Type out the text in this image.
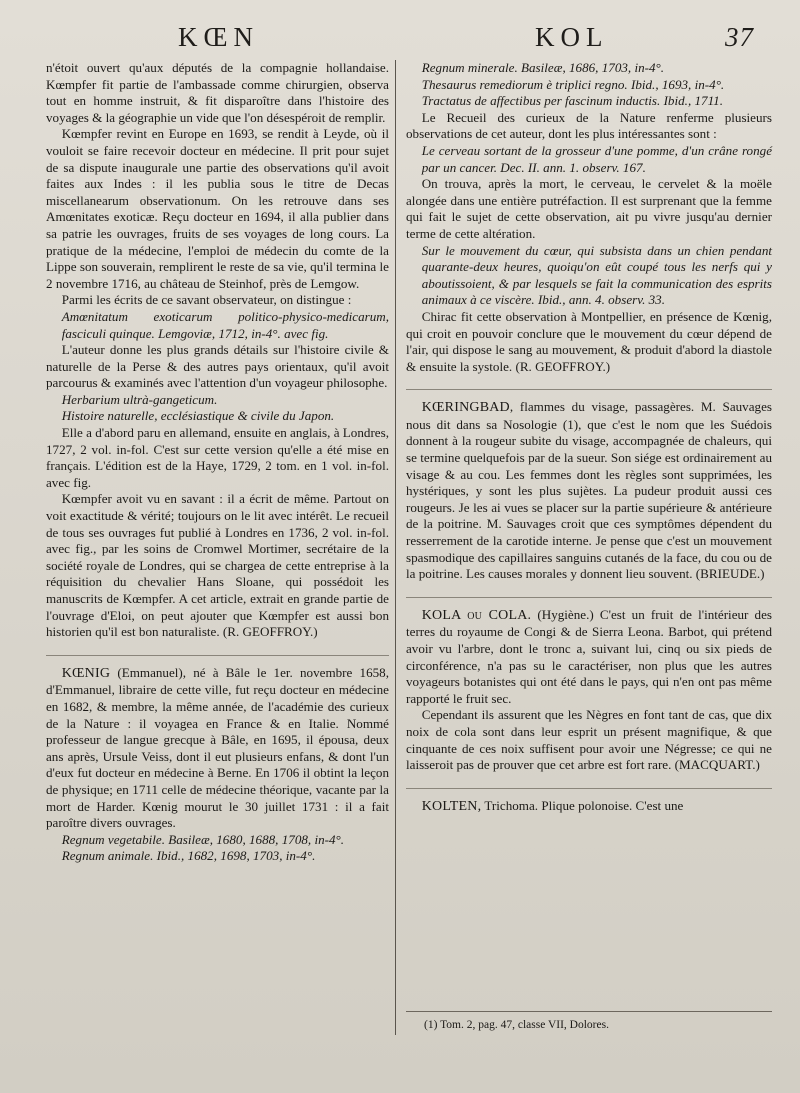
KŒN	KOL	37

n'étoit ouvert qu'aux députés de la compagnie hollandaise. Kœmpfer fit partie de l'ambassade comme chirurgien, observa tout en homme instruit, & fit disparoître dans l'histoire des voyages & la géographie un vide que l'on désespéroit de remplir.

Kœmpfer revint en Europe en 1693, se rendit à Leyde, où il vouloit se faire recevoir docteur en médecine. Il prit pour sujet de sa dispute inaugurale une partie des observations qu'il avoit faites aux Indes : il les publia sous le titre de Decas miscellanearum observationum. On les retrouve dans ses Amœnitates exoticæ. Reçu docteur en 1694, il alla publier dans sa patrie les ouvrages, fruits de ses voyages de long cours. La pratique de la médecine, l'emploi de médecin du comte de la Lippe son souverain, remplirent le reste de sa vie, qu'il termina le 2 novembre 1716, au château de Steinhof, près de Lemgow.

Parmi les écrits de ce savant observateur, on distingue :

Amœnitatum exoticarum politico-physico-medicarum, fasciculi quinque. Lemgoviæ, 1712, in-4°. avec fig.

L'auteur donne les plus grands détails sur l'histoire civile & naturelle de la Perse & des autres pays orientaux, qu'il avoit parcourus & examinés avec l'attention d'un voyageur philosophe.

Herbarium ultrà-gangeticum.

Histoire naturelle, ecclésiastique & civile du Japon.

Elle a d'abord paru en allemand, ensuite en anglais, à Londres, 1727, 2 vol. in-fol. C'est sur cette version qu'elle a été mise en français. L'édition est de la Haye, 1729, 2 tom. en 1 vol. in-fol. avec fig.

Kœmpfer avoit vu en savant : il a écrit de même. Partout on voit exactitude & vérité; toujours on le lit avec intérêt. Le recueil de tous ses ouvrages fut publié à Londres en 1736, 2 vol. in-fol. avec fig., par les soins de Cromwel Mortimer, secrétaire de la société royale de Londres, qui se chargea de cette entreprise à la réquisition du chevalier Hans Sloane, qui possédoit les manuscrits de Kœmpfer. A cet article, extrait en grande partie de l'ouvrage d'Eloi, on peut ajouter que Kœmpfer est aussi bon historien qu'il est bon naturaliste. (R. GEOFFROY.)

KŒNIG (Emmanuel), né à Bâle le 1er. novembre 1658, d'Emmanuel, libraire de cette ville, fut reçu docteur en médecine en 1682, & membre, la même année, de l'académie des curieux de la Nature : il voyagea en France & en Italie. Nommé professeur de langue grecque à Bâle, en 1695, il épousa, deux ans après, Ursule Veiss, dont il eut plusieurs enfans, & dont l'un d'eux fut docteur en médecine à Berne. En 1706 il obtint la leçon de physique; en 1711 celle de médecine théorique, vacante par la mort de Harder. Kœnig mourut le 30 juillet 1731 : il a fait paroître divers ouvrages.

Regnum vegetabile. Basileæ, 1680, 1688, 1708, in-4°.

Regnum animale. Ibid., 1682, 1698, 1703, in-4°.

Regnum minerale. Basileæ, 1686, 1703, in-4°.

Thesaurus remediorum è triplici regno. Ibid., 1693, in-4°.

Tractatus de affectibus per fascinum inductis. Ibid., 1711.

Le Recueil des curieux de la Nature renferme plusieurs observations de cet auteur, dont les plus intéressantes sont :

Le cerveau sortant de la grosseur d'une pomme, d'un crâne rongé par un cancer. Dec. II. ann. 1. observ. 167.

On trouva, après la mort, le cerveau, le cervelet & la moële alongée dans une entière putréfaction. Il est surprenant que la femme qui fait le sujet de cette observation, ait pu vivre jusqu'au dernier terme de cette altération.

Sur le mouvement du cœur, qui subsista dans un chien pendant quarante-deux heures, quoiqu'on eût coupé tous les nerfs qui y aboutissoient, & par lesquels se fait la communication des esprits animaux à ce viscère. Ibid., ann. 4. observ. 33.

Chirac fit cette observation à Montpellier, en présence de Kœnig, qui croit en pouvoir conclure que le mouvement du cœur dépend de l'air, qui dispose le sang au mouvement, & produit d'abord la diastole & ensuite la systole. (R. GEOFFROY.)

KŒRINGBAD, flammes du visage, passagères. M. Sauvages nous dit dans sa Nosologie (1), que c'est le nom que les Suédois donnent à la rougeur subite du visage, accompagnée de chaleurs, qui se termine quelquefois par de la sueur. Son siége est ordinairement au visage & au cou. Les femmes dont les règles sont supprimées, les hystériques, y sont les plus sujètes. La pudeur produit aussi ces rougeurs. Je les ai vues se placer sur la partie supérieure & antérieure de la poitrine. M. Sauvages croit que ces symptômes dépendent du resserrement de la carotide interne. Je pense que c'est un mouvement spasmodique des capillaires sanguins cutanés de la face, du cou ou de la poitrine. Les causes morales y donnent lieu souvent. (BRIEUDE.)

KOLA ou COLA. (Hygiène.) C'est un fruit de l'intérieur des terres du royaume de Congi & de Sierra Leona. Barbot, qui prétend avoir vu l'arbre, dont le tronc a, suivant lui, cinq ou six pieds de circonférence, n'a pas su le caractériser, non plus que les autres voyageurs botanistes qui ont été dans le pays, qui n'en ont pas même rapporté le fruit sec.

Cependant ils assurent que les Nègres en font tant de cas, que dix noix de cola sont dans leur esprit un présent magnifique, & que cinquante de ces noix suffisent pour avoir une Négresse; ce qui ne laisseroit pas de prouver que cet arbre est fort rare. (MACQUART.)

KOLTEN, Trichoma. Plique polonoise. C'est une

(1) Tom. 2, pag. 47, classe VII, Dolores.
